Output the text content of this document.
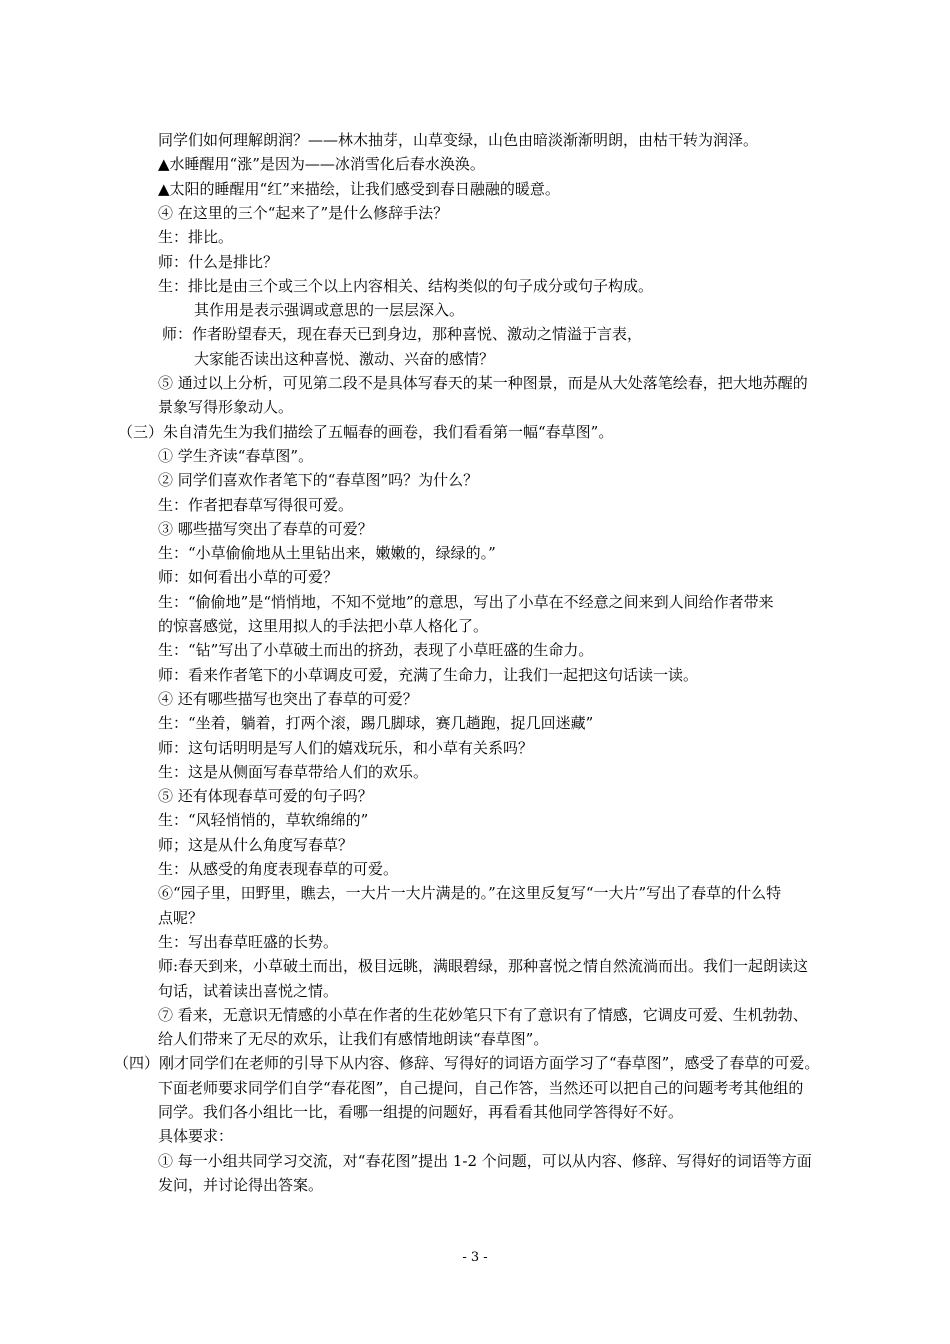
同学们如何理解朗润？——林木抽芽，山草变绿，山色由暗淡渐渐明朗，由枯干转为润泽。
▲水睡醒用“涨”是因为——冰消雪化后春水涣涣。
▲太阳的睡醒用“红”来描绘，让我们感受到春日融融的暖意。
④ 在这里的三个“起来了”是什么修辞手法？
生：排比。
师：什么是排比？
生：排比是由三个或三个以上内容相关、结构类似的句子成分或句子构成。
其作用是表示强调或意思的一层层深入。
师：作者盼望春天，现在春天已到身边，那种喜悦、激动之情溢于言表，
大家能否读出这种喜悦、激动、兴奋的感情？
⑤ 通过以上分析，可见第二段不是具体写春天的某一种图景，而是从大处落笔绘春，把大地苏醒的
景象写得形象动人。
（三）朱自清先生为我们描绘了五幅春的画卷，我们看看第一幅“春草图”。
① 学生齐读“春草图”。
② 同学们喜欢作者笔下的“春草图”吗？为什么？
生：作者把春草写得很可爱。
③ 哪些描写突出了春草的可爱？
生：“小草偷偷地从土里钻出来，嫩嫩的，绿绿的。”
师：如何看出小草的可爱？
生：“偷偷地”是“悄悄地，不知不觉地”的意思，写出了小草在不经意之间来到人间给作者带来
的惊喜感觉，这里用拟人的手法把小草人格化了。
生：“钻”写出了小草破土而出的挤劲，表现了小草旺盛的生命力。
师：看来作者笔下的小草调皮可爱，充满了生命力，让我们一起把这句话读一读。
④ 还有哪些描写也突出了春草的可爱？
生：“坐着，躺着，打两个滚，踢几脚球，赛几趟跑，捉几回迷藏”
师：这句话明明是写人们的嬉戏玩乐，和小草有关系吗？
生：这是从侧面写春草带给人们的欢乐。
⑤ 还有体现春草可爱的句子吗？
生：“风轻悄悄的，草软绵绵的”
师；这是从什么角度写春草？
生：从感受的角度表现春草的可爱。
⑥“园子里，田野里，瞧去，一大片一大片满是的。”在这里反复写“一大片”写出了春草的什么特
点呢？
生：写出春草旺盛的长势。
师:春天到来，小草破土而出，极目远眺，满眼碧绿，那种喜悦之情自然流淌而出。我们一起朗读这
句话，试着读出喜悦之情。
⑦ 看来，无意识无情感的小草在作者的生花妙笔只下有了意识有了情感，它调皮可爱、生机勃勃、
给人们带来了无尽的欢乐，让我们有感情地朗读“春草图”。
（四）刚才同学们在老师的引导下从内容、修辞、写得好的词语方面学习了“春草图”，感受了春草的可爱。
下面老师要求同学们自学“春花图”，自己提问，自己作答，当然还可以把自己的问题考考其他组的
同学。我们各小组比一比，看哪一组提的问题好，再看看其他同学答得好不好。
具体要求：
① 每一小组共同学习交流，对“春花图”提出 1-2 个问题，可以从内容、修辞、写得好的词语等方面
发问，并讨论得出答案。
- 3 -
